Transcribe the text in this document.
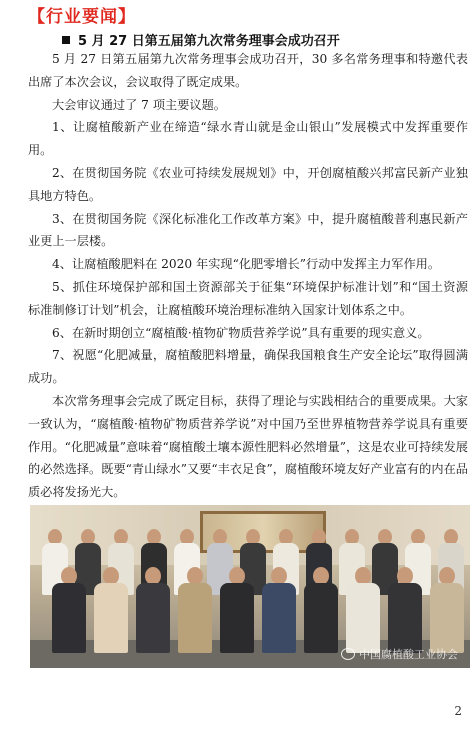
【行业要闻】
5 月 27 日第五届第九次常务理事会成功召开

5 月 27 日第五届第九次常务理事会成功召开，30 多名常务理事和特邀代表出席了本次会议，会议取得了既定成果。

大会审议通过了 7 项主要议题。

1、让腐植酸新产业在缔造“绿水青山就是金山银山”发展模式中发挥重要作用。

2、在贯彻国务院《农业可持续发展规划》中，开创腐植酸兴邦富民新产业独具地方特色。

3、在贯彻国务院《深化标准化工作改革方案》中，提升腐植酸普利惠民新产业更上一层楼。

4、让腐植酸肥料在 2020 年实现“化肥零增长”行动中发挥主力军作用。

5、抓住环境保护部和国土资源部关于征集“环境保护标准计划”和“国土资源标准制修订计划”机会，让腐植酸环境治理标准纳入国家计划体系之中。

6、在新时期创立“腐植酸·植物矿物质营养学说”具有重要的现实意义。

7、祝愿“化肥减量，腐植酸肥料增量，确保我国粮食生产安全论坛”取得圆满成功。

本次常务理事会完成了既定目标，获得了理论与实践相结合的重要成果。大家一致认为，“腐植酸·植物矿物质营养学说”对中国乃至世界植物营养学说具有重要作用。“化肥减量”意味着“腐植酸土壤本源性肥料必然增量”，这是农业可持续发展的必然选择。既要“青山绿水”又要“丰衣足食”，腐植酸环境友好产业富有的内在品质必将发扬光大。

中国腐植酸工业协会
2
